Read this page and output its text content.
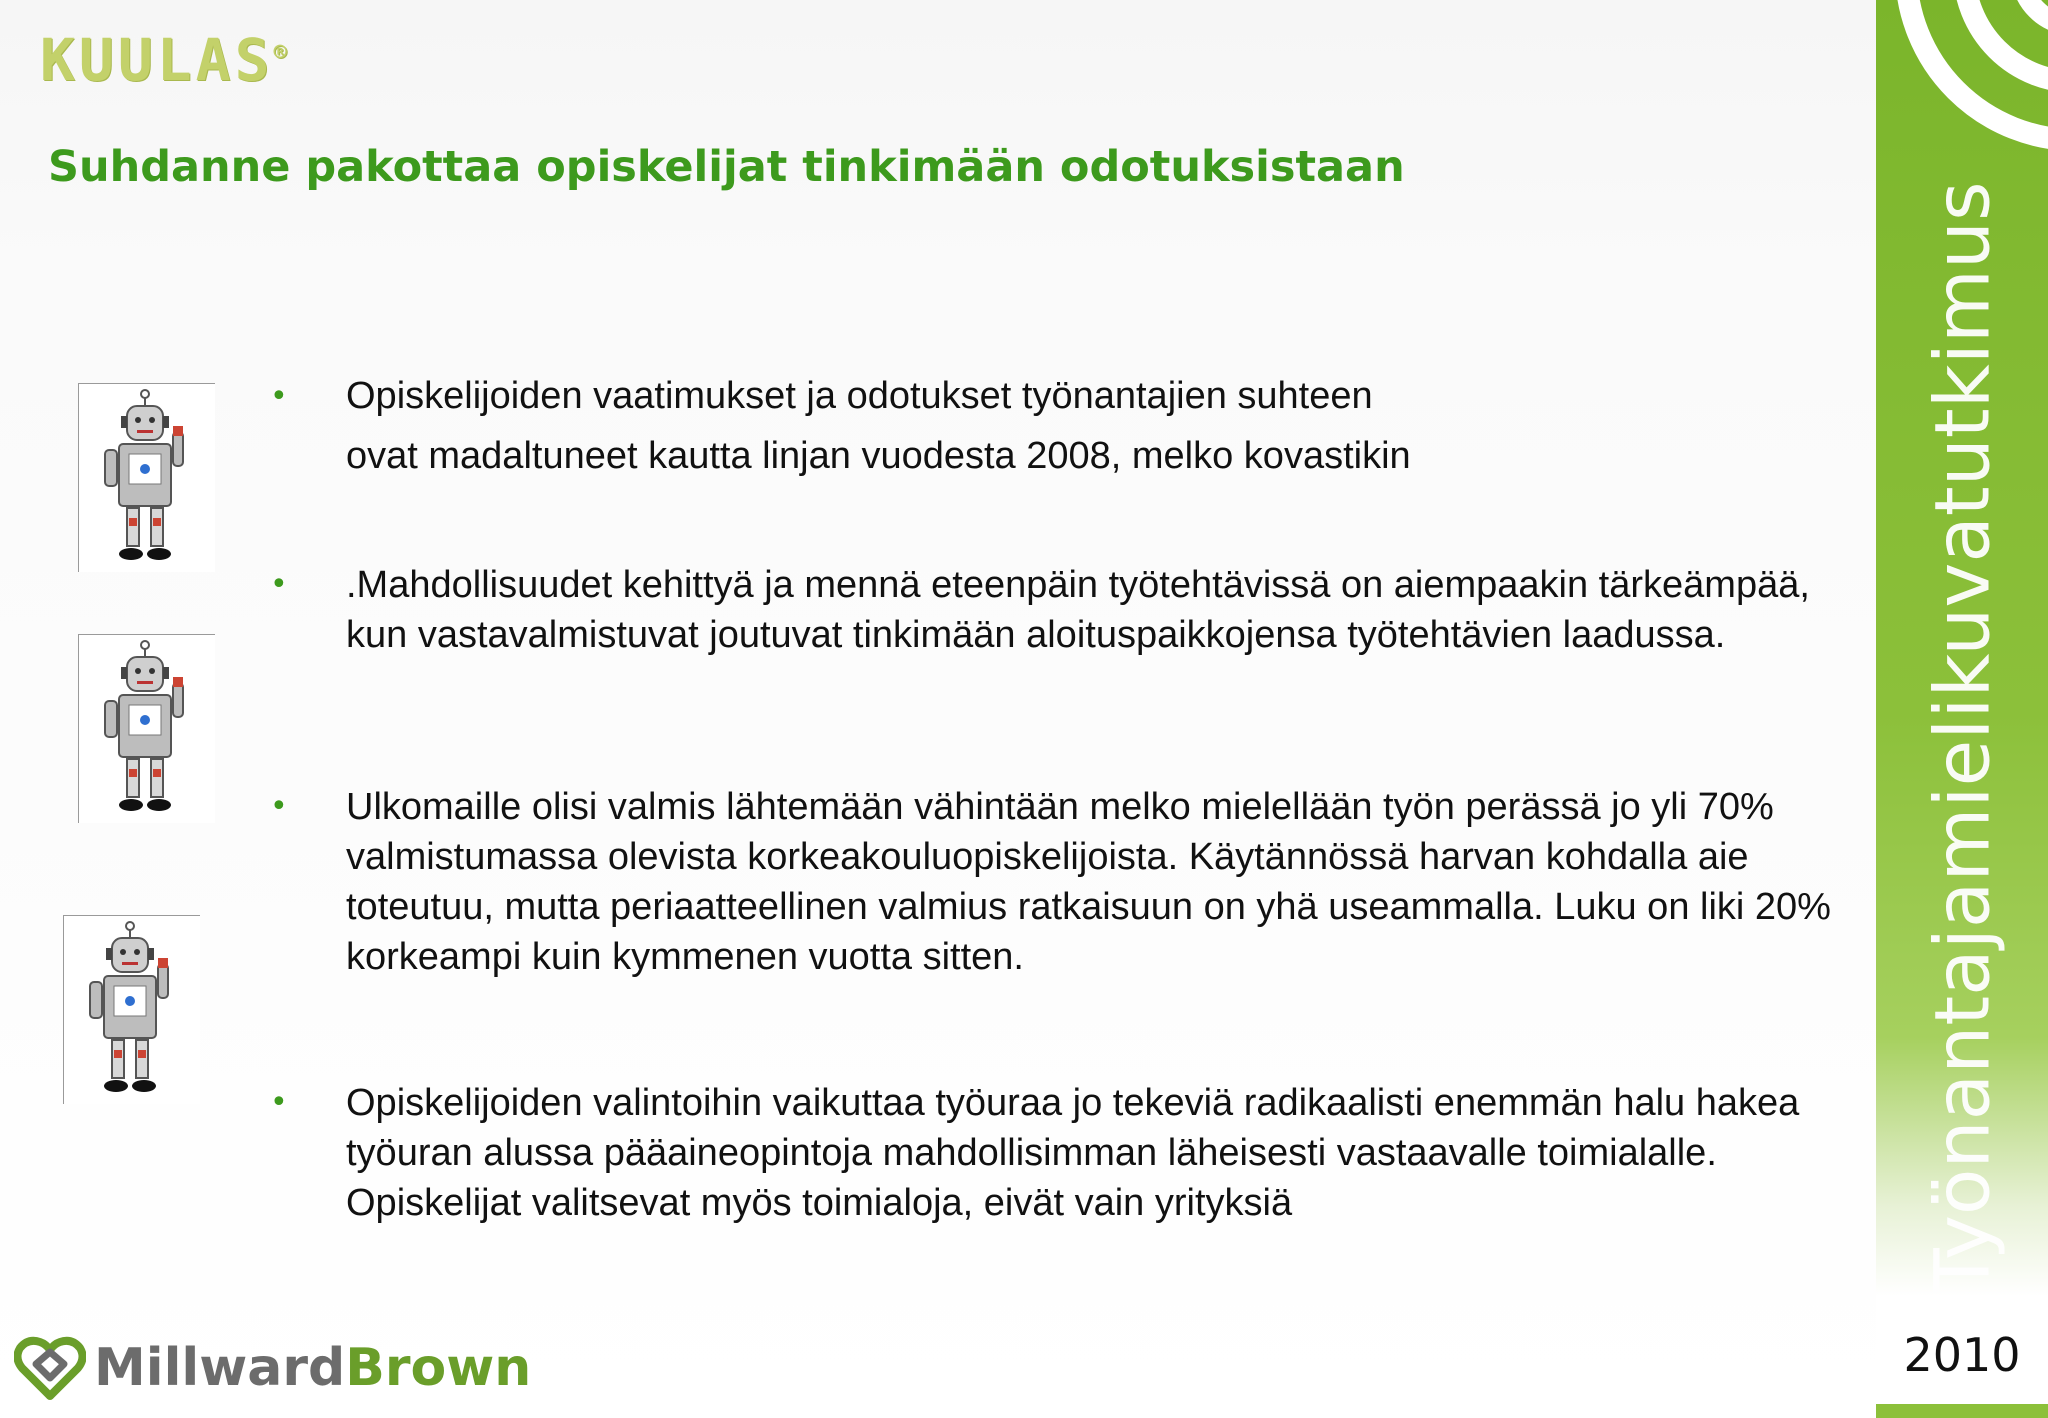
KUULAS®
Suhdanne pakottaa opiskelijat tinkimään odotuksistaan
• Opiskelijoiden vaatimukset ja odotukset työnantajien suhteen
ovat madaltuneet kautta linjan vuodesta 2008, melko kovastikin
• .Mahdollisuudet kehittyä ja mennä eteenpäin työtehtävissä on aiempaakin tärkeämpää, kun vastavalmistuvat joutuvat tinkimään aloituspaikkojensa työtehtävien laadussa.
• Ulkomaille olisi valmis lähtemään vähintään melko mielellään työn perässä jo yli 70% valmistumassa olevista korkeakouluopiskelijoista. Käytännössä harvan kohdalla aie toteutuu, mutta periaatteellinen valmius ratkaisuun on yhä useammalla. Luku on liki 20% korkeampi kuin kymmenen vuotta sitten.
• Opiskelijoiden valintoihin vaikuttaa työuraa jo tekeviä radikaalisti enemmän halu hakea työuran alussa pääaineopintoja mahdollisimman läheisesti vastaavalle toimialalle. Opiskelijat valitsevat myös toimialoja, eivät vain yrityksiä	Työnantajamielikuvatutkimus
2010
MillwardBrown
